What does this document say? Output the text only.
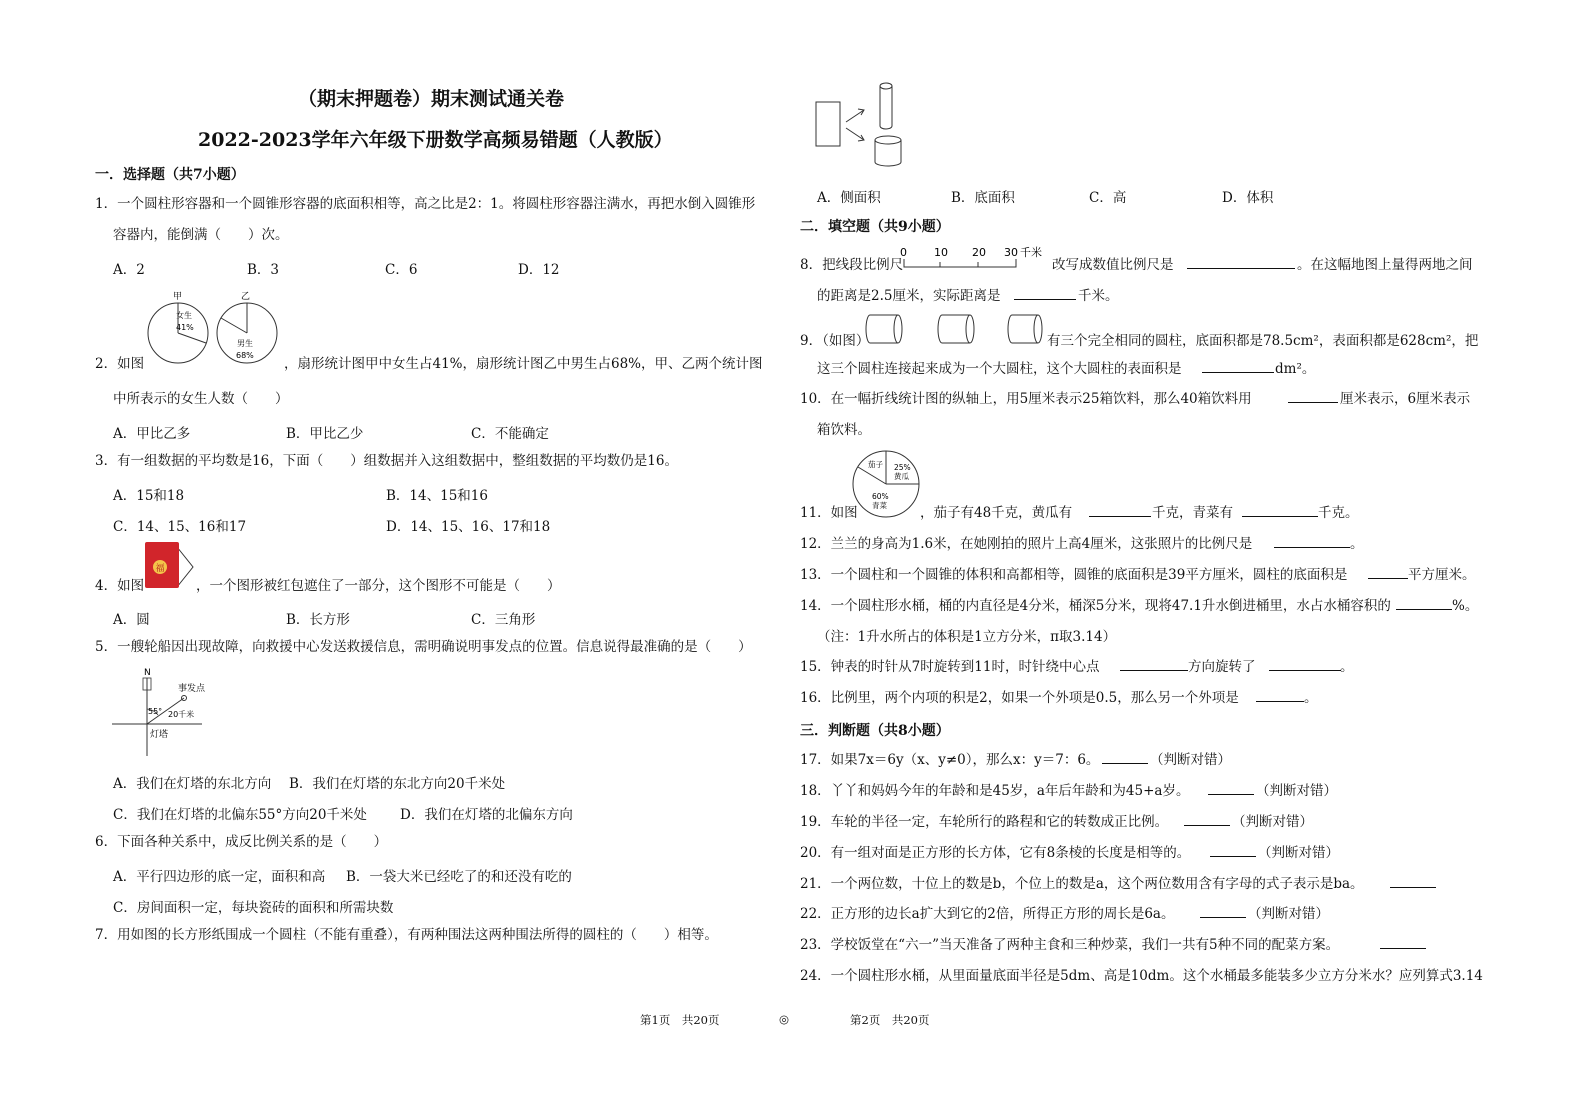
（期末押题卷）期末测试通关卷
2022-2023学年六年级下册数学高频易错题（人教版）
一．选择题（共7小题）
1．一个圆柱形容器和一个圆锥形容器的底面积相等，高之比是2：1。将圆柱形容器注满水，再把水倒入圆锥形
容器内，能倒满（　　）次。
A．2	B．3	C．6	D．12
甲
女生
41%
乙
男生
68%
2．如图	，扇形统计图甲中女生占41%，扇形统计图乙中男生占68%，甲、乙两个统计图
中所表示的女生人数（　　）
A．甲比乙多	B．甲比乙少	C．不能确定
3．有一组数据的平均数是16，下面（　　）组数据并入这组数据中，整组数据的平均数仍是16。
A．15和18	B．14、15和16
C．14、15、16和17	D．14、15、16、17和18
福
4．如图	，一个图形被红包遮住了一部分，这个图形不可能是（　　）
A．圆	B．长方形	C．三角形
5．一艘轮船因出现故障，向救援中心发送救援信息，需明确说明事发点的位置。信息说得最准确的是（　　）
N
事发点
55° 20千米
灯塔
A．我们在灯塔的东北方向 B．我们在灯塔的东北方向20千米处
C．我们在灯塔的北偏东55°方向20千米处 D．我们在灯塔的北偏东方向
6．下面各种关系中，成反比例关系的是（　　）
A．平行四边形的底一定，面积和高 B．一袋大米已经吃了的和还没有吃的
C．房间面积一定，每块瓷砖的面积和所需块数
7．用如图的长方形纸围成一个圆柱（不能有重叠），有两种围法这两种围法所得的圆柱的（　　）相等。
A．侧面积	B．底面积	C．高	D．体积
二．填空题（共9小题）
8．把线段比例尺
0 10 20 30 千米
改写成数值比例尺是	。在这幅地图上量得两地之间
的距离是2.5厘米，实际距离是	千米。
9．（如图）	有三个完全相同的圆柱，底面积都是78.5cm²，表面积都是628cm²，把
这三个圆柱连接起来成为一个大圆柱，这个大圆柱的表面积是	dm²。
10．在一幅折线统计图的纵轴上，用5厘米表示25箱饮料，那么40箱饮料用	厘米表示，6厘米表示
箱饮料。
茄子 25%
黄瓜
60%
青菜
11．如图	，茄子有48千克，黄瓜有	千克，青菜有	千克。
12．兰兰的身高为1.6米，在她刚拍的照片上高4厘米，这张照片的比例尺是	。
13．一个圆柱和一个圆锥的体积和高都相等，圆锥的底面积是39平方厘米，圆柱的底面积是	平方厘米。
14．一个圆柱形水桶，桶的内直径是4分米，桶深5分米，现将47.1升水倒进桶里，水占水桶容积的	%。
（注：1升水所占的体积是1立方分米，π取3.14）
15．钟表的时针从7时旋转到11时，时针绕中心点	方向旋转了	。
16．比例里，两个内项的积是2，如果一个外项是0.5，那么另一个外项是	。
三．判断题（共8小题）
17．如果7x＝6y（x、y≠0），那么x：y＝7：6。	（判断对错）
18．丫丫和妈妈今年的年龄和是45岁，a年后年龄和为45+a岁。	（判断对错）
19．车轮的半径一定，车轮所行的路程和它的转数成正比例。	（判断对错）
20．有一组对面是正方形的长方体，它有8条棱的长度是相等的。	（判断对错）
21．一个两位数，十位上的数是b，个位上的数是a，这个两位数用含有字母的式子表示是ba。
22．正方形的边长a扩大到它的2倍，所得正方形的周长是6a。	（判断对错）
23．学校饭堂在“六一”当天准备了两种主食和三种炒菜，我们一共有5种不同的配菜方案。
24．一个圆柱形水桶，从里面量底面半径是5dm、高是10dm。这个水桶最多能装多少立方分米水？应列算式3.14
第1页　共20页	◎	第2页　共20页
